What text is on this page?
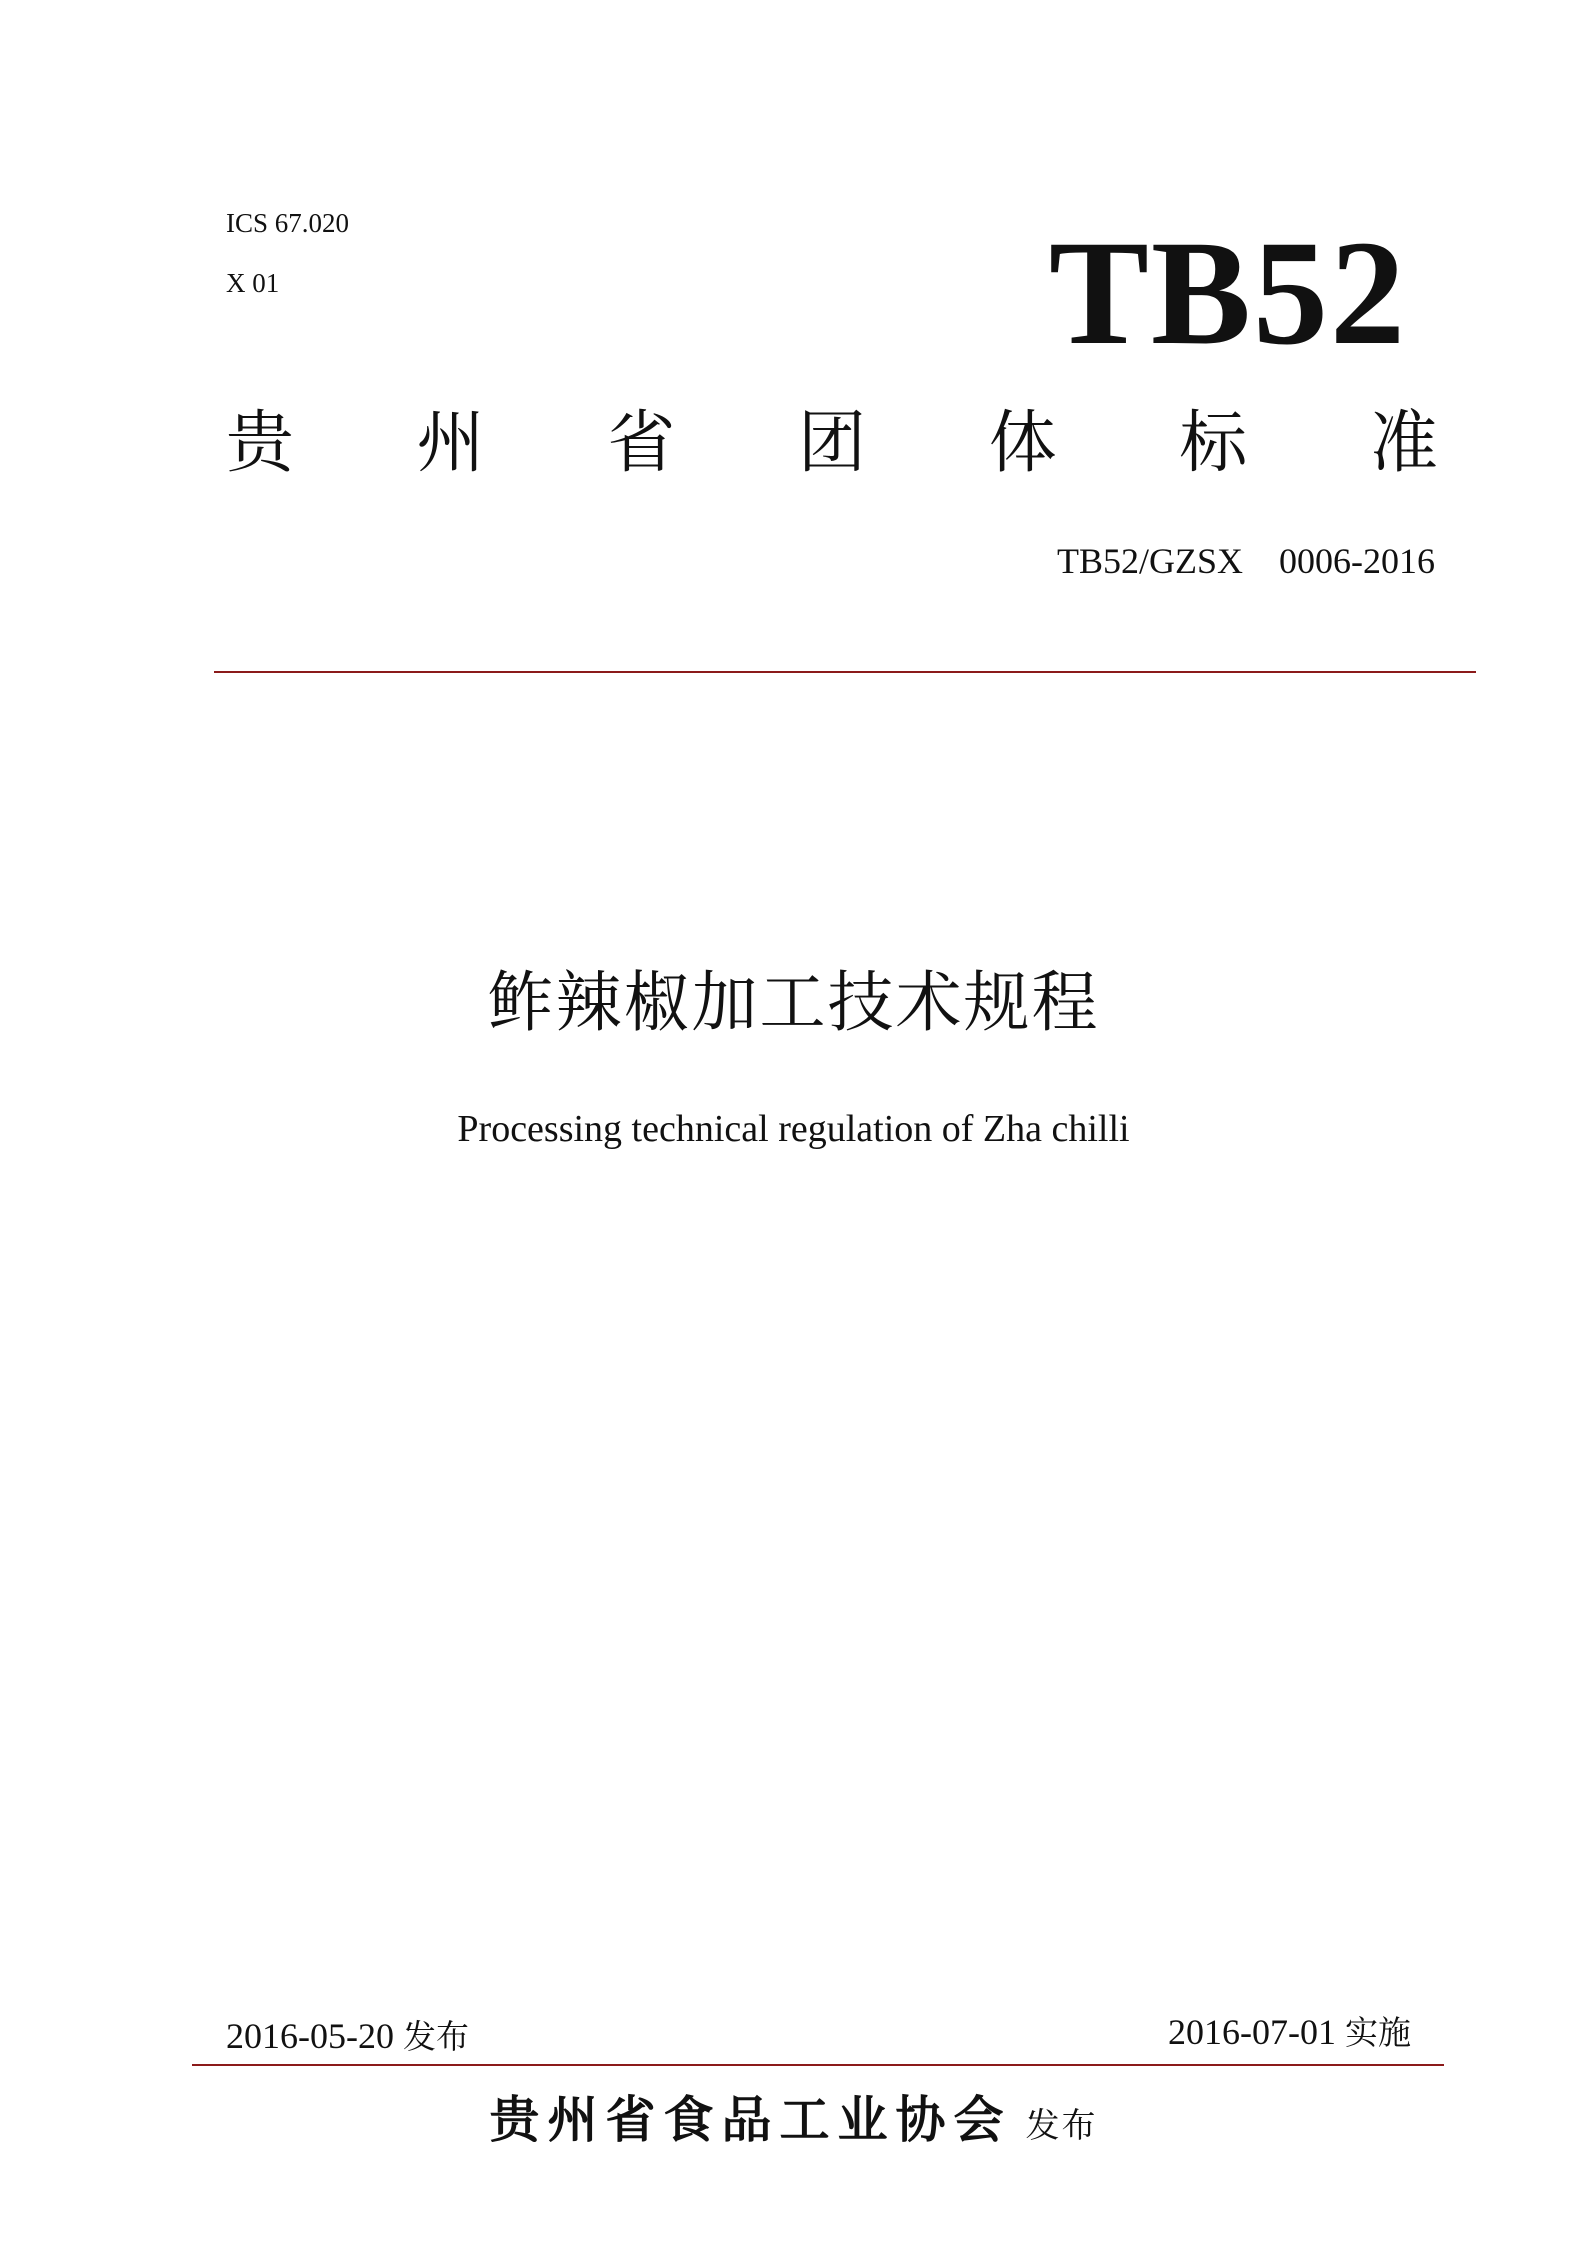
ICS 67.020
X 01	TB52
贵 州 省 团 体 标 准
TB52/GZSX    0006-2016
鲊辣椒加工技术规程
Processing technical regulation of Zha chilli
2016-05-20 发布	2016-07-01 实施
贵州省食品工业协会 发布
